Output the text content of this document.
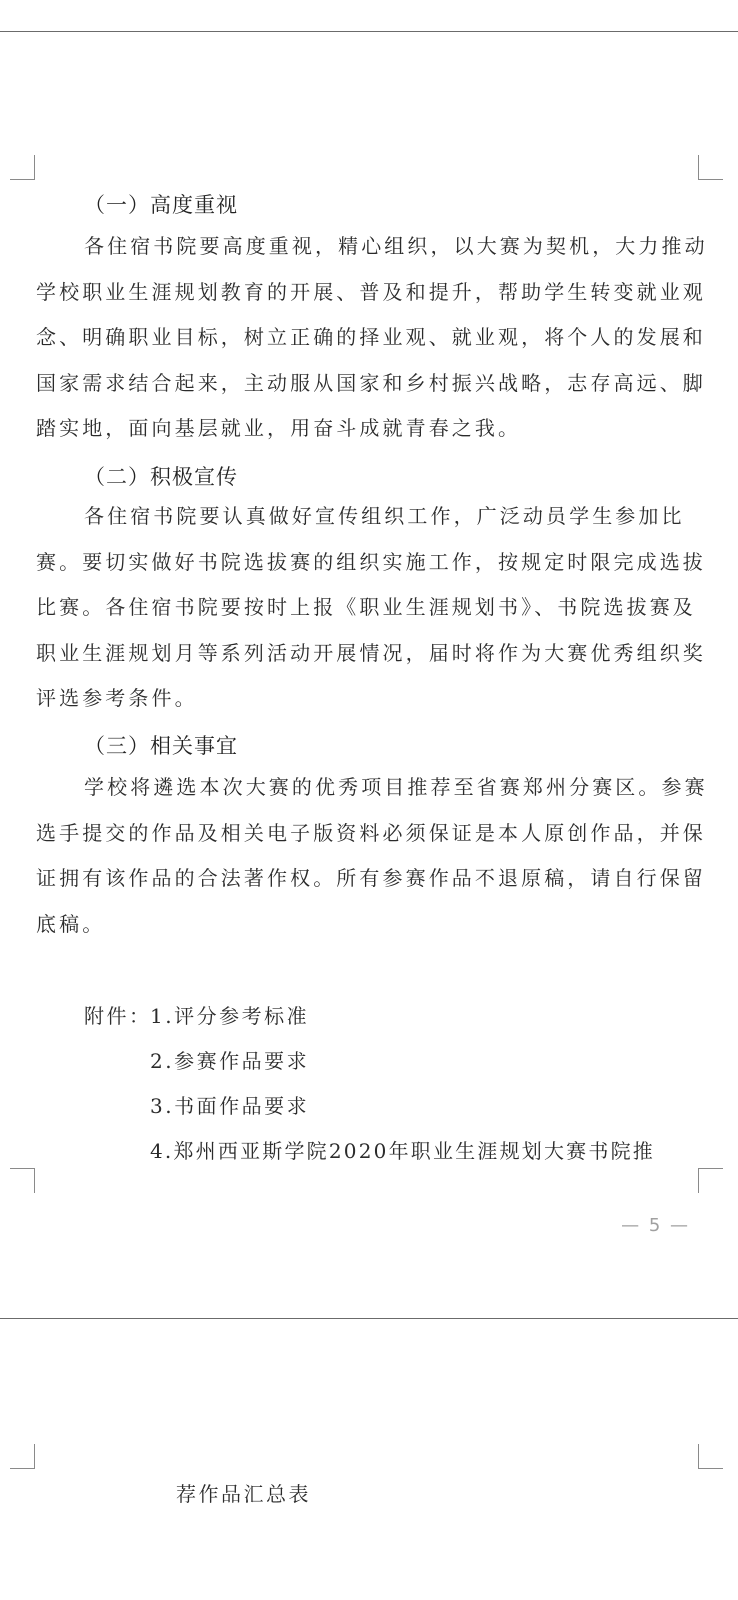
（一）高度重视

各住宿书院要高度重视，精心组织，以大赛为契机，大力推动学校职业生涯规划教育的开展、普及和提升，帮助学生转变就业观念、明确职业目标，树立正确的择业观、就业观，将个人的发展和国家需求结合起来，主动服从国家和乡村振兴战略，志存高远、脚踏实地，面向基层就业，用奋斗成就青春之我。

（二）积极宣传

各住宿书院要认真做好宣传组织工作，广泛动员学生参加比赛。要切实做好书院选拔赛的组织实施工作，按规定时限完成选拔比赛。各住宿书院要按时上报《职业生涯规划书》、书院选拔赛及职业生涯规划月等系列活动开展情况，届时将作为大赛优秀组织奖评选参考条件。

（三）相关事宜

学校将遴选本次大赛的优秀项目推荐至省赛郑州分赛区。参赛选手提交的作品及相关电子版资料必须保证是本人原创作品，并保证拥有该作品的合法著作权。所有参赛作品不退原稿，请自行保留底稿。

附件：
1.评分参考标准
2.参赛作品要求
3.书面作品要求
4.郑州西亚斯学院2020年职业生涯规划大赛书院推
— 5 —
荐作品汇总表
